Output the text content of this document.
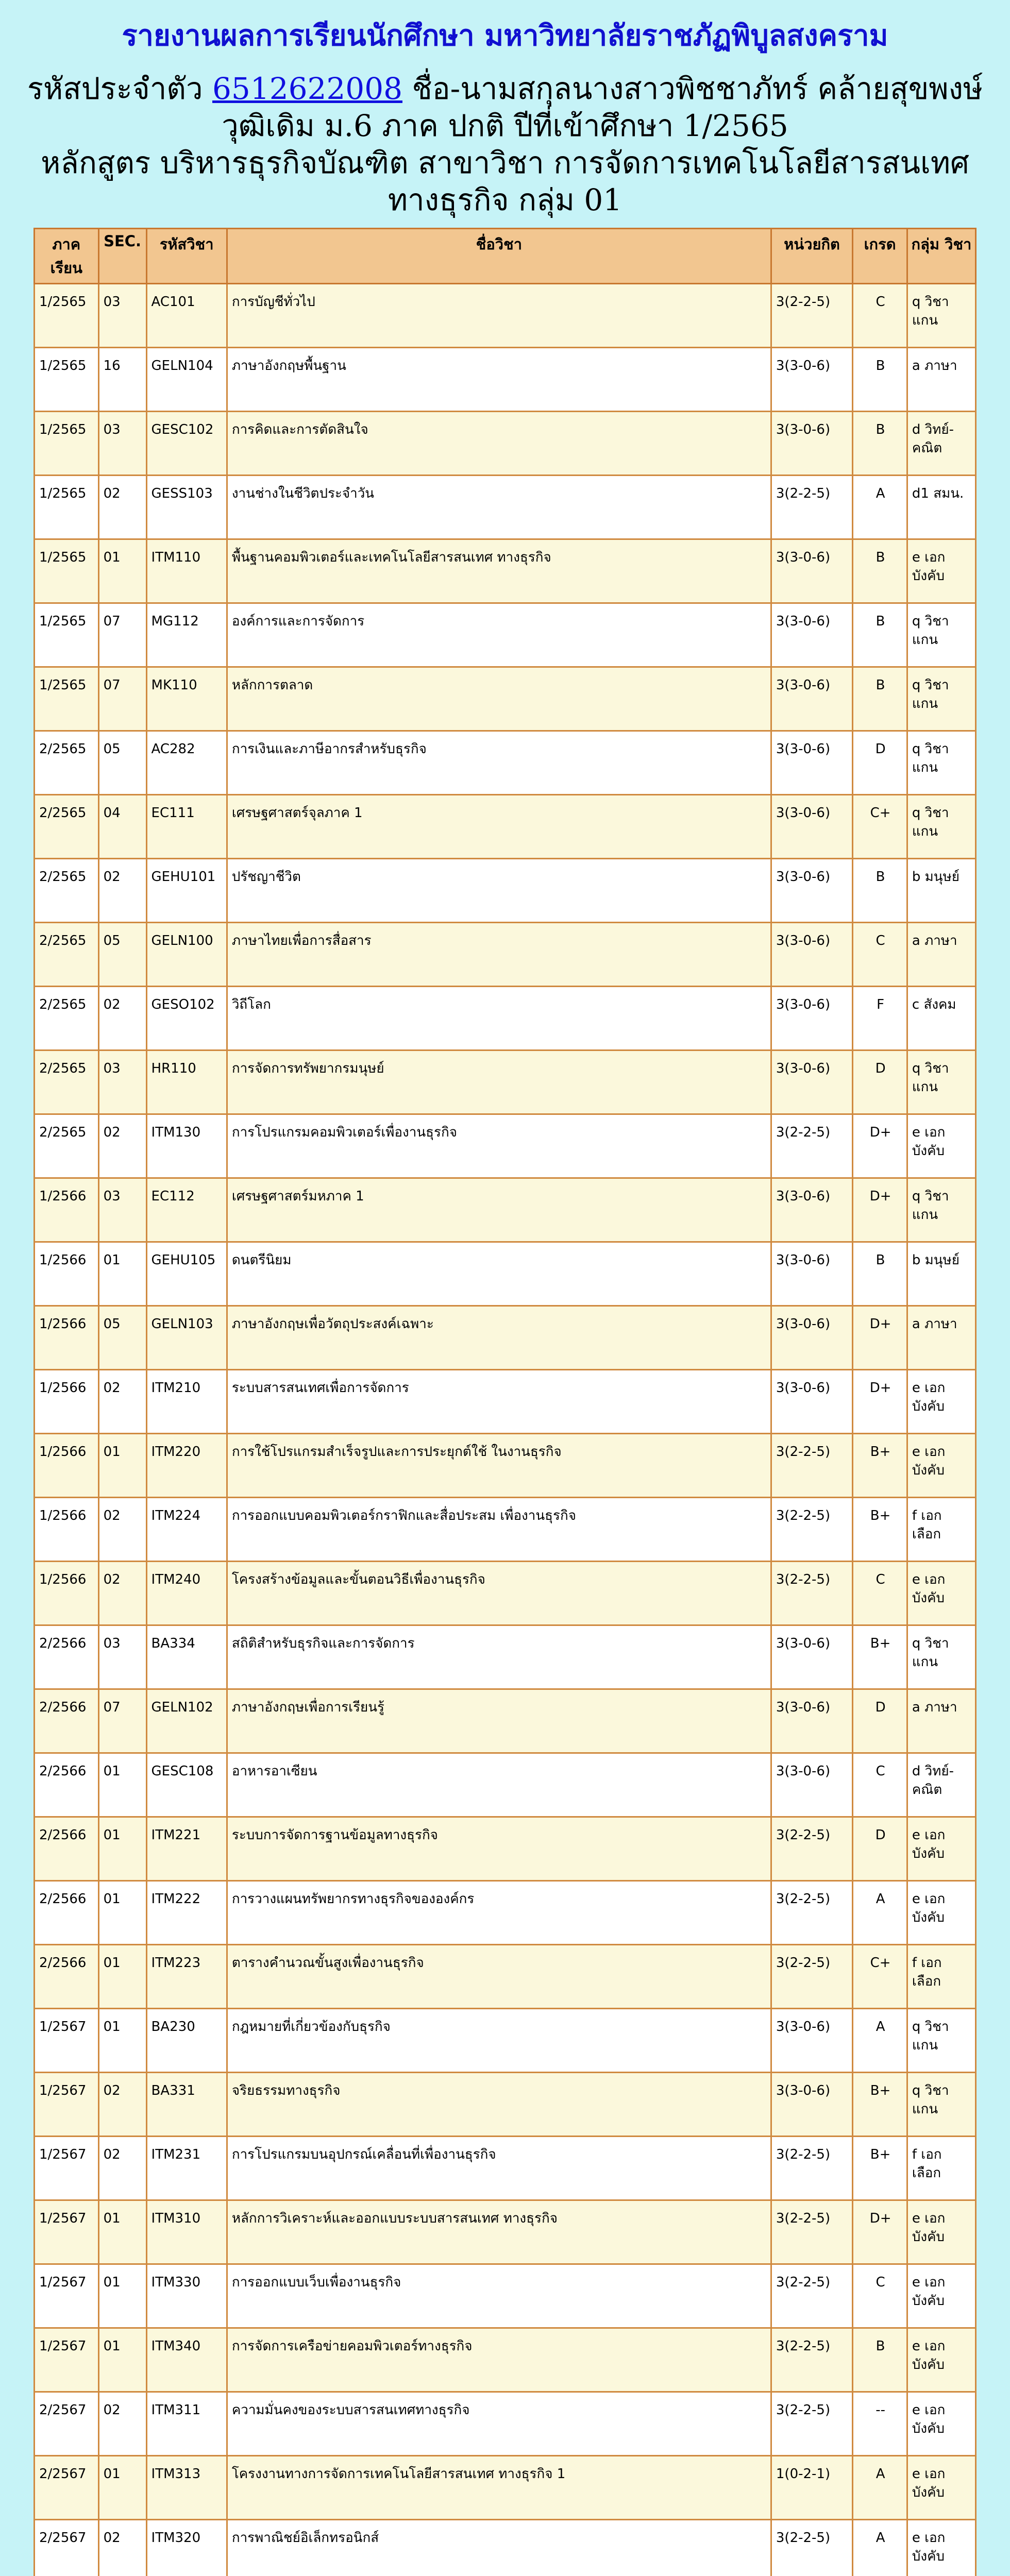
รายงานผลการเรียนนักศึกษา มหาวิทยาลัยราชภัฏพิบูลสงคราม
รหัสประจำตัว 6512622008 ชื่อ-นามสกุลนางสาวพิชชาภัทร์ คล้ายสุขพงษ์
วุฒิเดิม ม.6 ภาค ปกติ ปีที่เข้าศึกษา 1/2565
หลักสูตร บริหารธุรกิจบัณฑิต สาขาวิชา การจัดการเทคโนโลยีสารสนเทศ
ทางธุรกิจ กลุ่ม 01
ภาค เรียน	SEC.	รหัสวิชา	ชื่อวิชา	หน่วยกิต	เกรด	กลุ่ม วิชา
1/2565	03	AC101	การบัญชีทั่วไป	3(2-2-5)	C	q วิชา แกน
1/2565	16	GELN104	ภาษาอังกฤษพื้นฐาน	3(3-0-6)	B	a ภาษา
1/2565	03	GESC102	การคิดและการตัดสินใจ	3(3-0-6)	B	d วิทย์-คณิต
1/2565	02	GESS103	งานช่างในชีวิตประจำวัน	3(2-2-5)	A	d1 สมน.
1/2565	01	ITM110	พื้นฐานคอมพิวเตอร์และเทคโนโลยีสารสนเทศ ทางธุรกิจ	3(3-0-6)	B	e เอก บังคับ
1/2565	07	MG112	องค์การและการจัดการ	3(3-0-6)	B	q วิชา แกน
1/2565	07	MK110	หลักการตลาด	3(3-0-6)	B	q วิชา แกน
2/2565	05	AC282	การเงินและภาษีอากรสำหรับธุรกิจ	3(3-0-6)	D	q วิชา แกน
2/2565	04	EC111	เศรษฐศาสตร์จุลภาค 1	3(3-0-6)	C+	q วิชา แกน
2/2565	02	GEHU101	ปรัชญาชีวิต	3(3-0-6)	B	b มนุษย์
2/2565	05	GELN100	ภาษาไทยเพื่อการสื่อสาร	3(3-0-6)	C	a ภาษา
2/2565	02	GESO102	วิถีโลก	3(3-0-6)	F	c สังคม
2/2565	03	HR110	การจัดการทรัพยากรมนุษย์	3(3-0-6)	D	q วิชา แกน
2/2565	02	ITM130	การโปรแกรมคอมพิวเตอร์เพื่องานธุรกิจ	3(2-2-5)	D+	e เอก บังคับ
1/2566	03	EC112	เศรษฐศาสตร์มหภาค 1	3(3-0-6)	D+	q วิชา แกน
1/2566	01	GEHU105	ดนตรีนิยม	3(3-0-6)	B	b มนุษย์
1/2566	05	GELN103	ภาษาอังกฤษเพื่อวัตถุประสงค์เฉพาะ	3(3-0-6)	D+	a ภาษา
1/2566	02	ITM210	ระบบสารสนเทศเพื่อการจัดการ	3(3-0-6)	D+	e เอก บังคับ
1/2566	01	ITM220	การใช้โปรแกรมสำเร็จรูปและการประยุกต์ใช้ ในงานธุรกิจ	3(2-2-5)	B+	e เอก บังคับ
1/2566	02	ITM224	การออกแบบคอมพิวเตอร์กราฟิกและสื่อประสม เพื่องานธุรกิจ	3(2-2-5)	B+	f เอก เลือก
1/2566	02	ITM240	โครงสร้างข้อมูลและขั้นตอนวิธีเพื่องานธุรกิจ	3(2-2-5)	C	e เอก บังคับ
2/2566	03	BA334	สถิติสำหรับธุรกิจและการจัดการ	3(3-0-6)	B+	q วิชา แกน
2/2566	07	GELN102	ภาษาอังกฤษเพื่อการเรียนรู้	3(3-0-6)	D	a ภาษา
2/2566	01	GESC108	อาหารอาเซียน	3(3-0-6)	C	d วิทย์-คณิต
2/2566	01	ITM221	ระบบการจัดการฐานข้อมูลทางธุรกิจ	3(2-2-5)	D	e เอก บังคับ
2/2566	01	ITM222	การวางแผนทรัพยากรทางธุรกิจขององค์กร	3(2-2-5)	A	e เอก บังคับ
2/2566	01	ITM223	ตารางคำนวณขั้นสูงเพื่องานธุรกิจ	3(2-2-5)	C+	f เอก เลือก
1/2567	01	BA230	กฎหมายที่เกี่ยวข้องกับธุรกิจ	3(3-0-6)	A	q วิชา แกน
1/2567	02	BA331	จริยธรรมทางธุรกิจ	3(3-0-6)	B+	q วิชา แกน
1/2567	02	ITM231	การโปรแกรมบนอุปกรณ์เคลื่อนที่เพื่องานธุรกิจ	3(2-2-5)	B+	f เอก เลือก
1/2567	01	ITM310	หลักการวิเคราะห์และออกแบบระบบสารสนเทศ ทางธุรกิจ	3(2-2-5)	D+	e เอก บังคับ
1/2567	01	ITM330	การออกแบบเว็บเพื่องานธุรกิจ	3(2-2-5)	C	e เอก บังคับ
1/2567	01	ITM340	การจัดการเครือข่ายคอมพิวเตอร์ทางธุรกิจ	3(2-2-5)	B	e เอก บังคับ
2/2567	02	ITM311	ความมั่นคงของระบบสารสนเทศทางธุรกิจ	3(2-2-5)	--	e เอก บังคับ
2/2567	01	ITM313	โครงงานทางการจัดการเทคโนโลยีสารสนเทศ ทางธุรกิจ 1	1(0-2-1)	A	e เอก บังคับ
2/2567	02	ITM320	การพาณิชย์อิเล็กทรอนิกส์	3(2-2-5)	A	e เอก บังคับ
